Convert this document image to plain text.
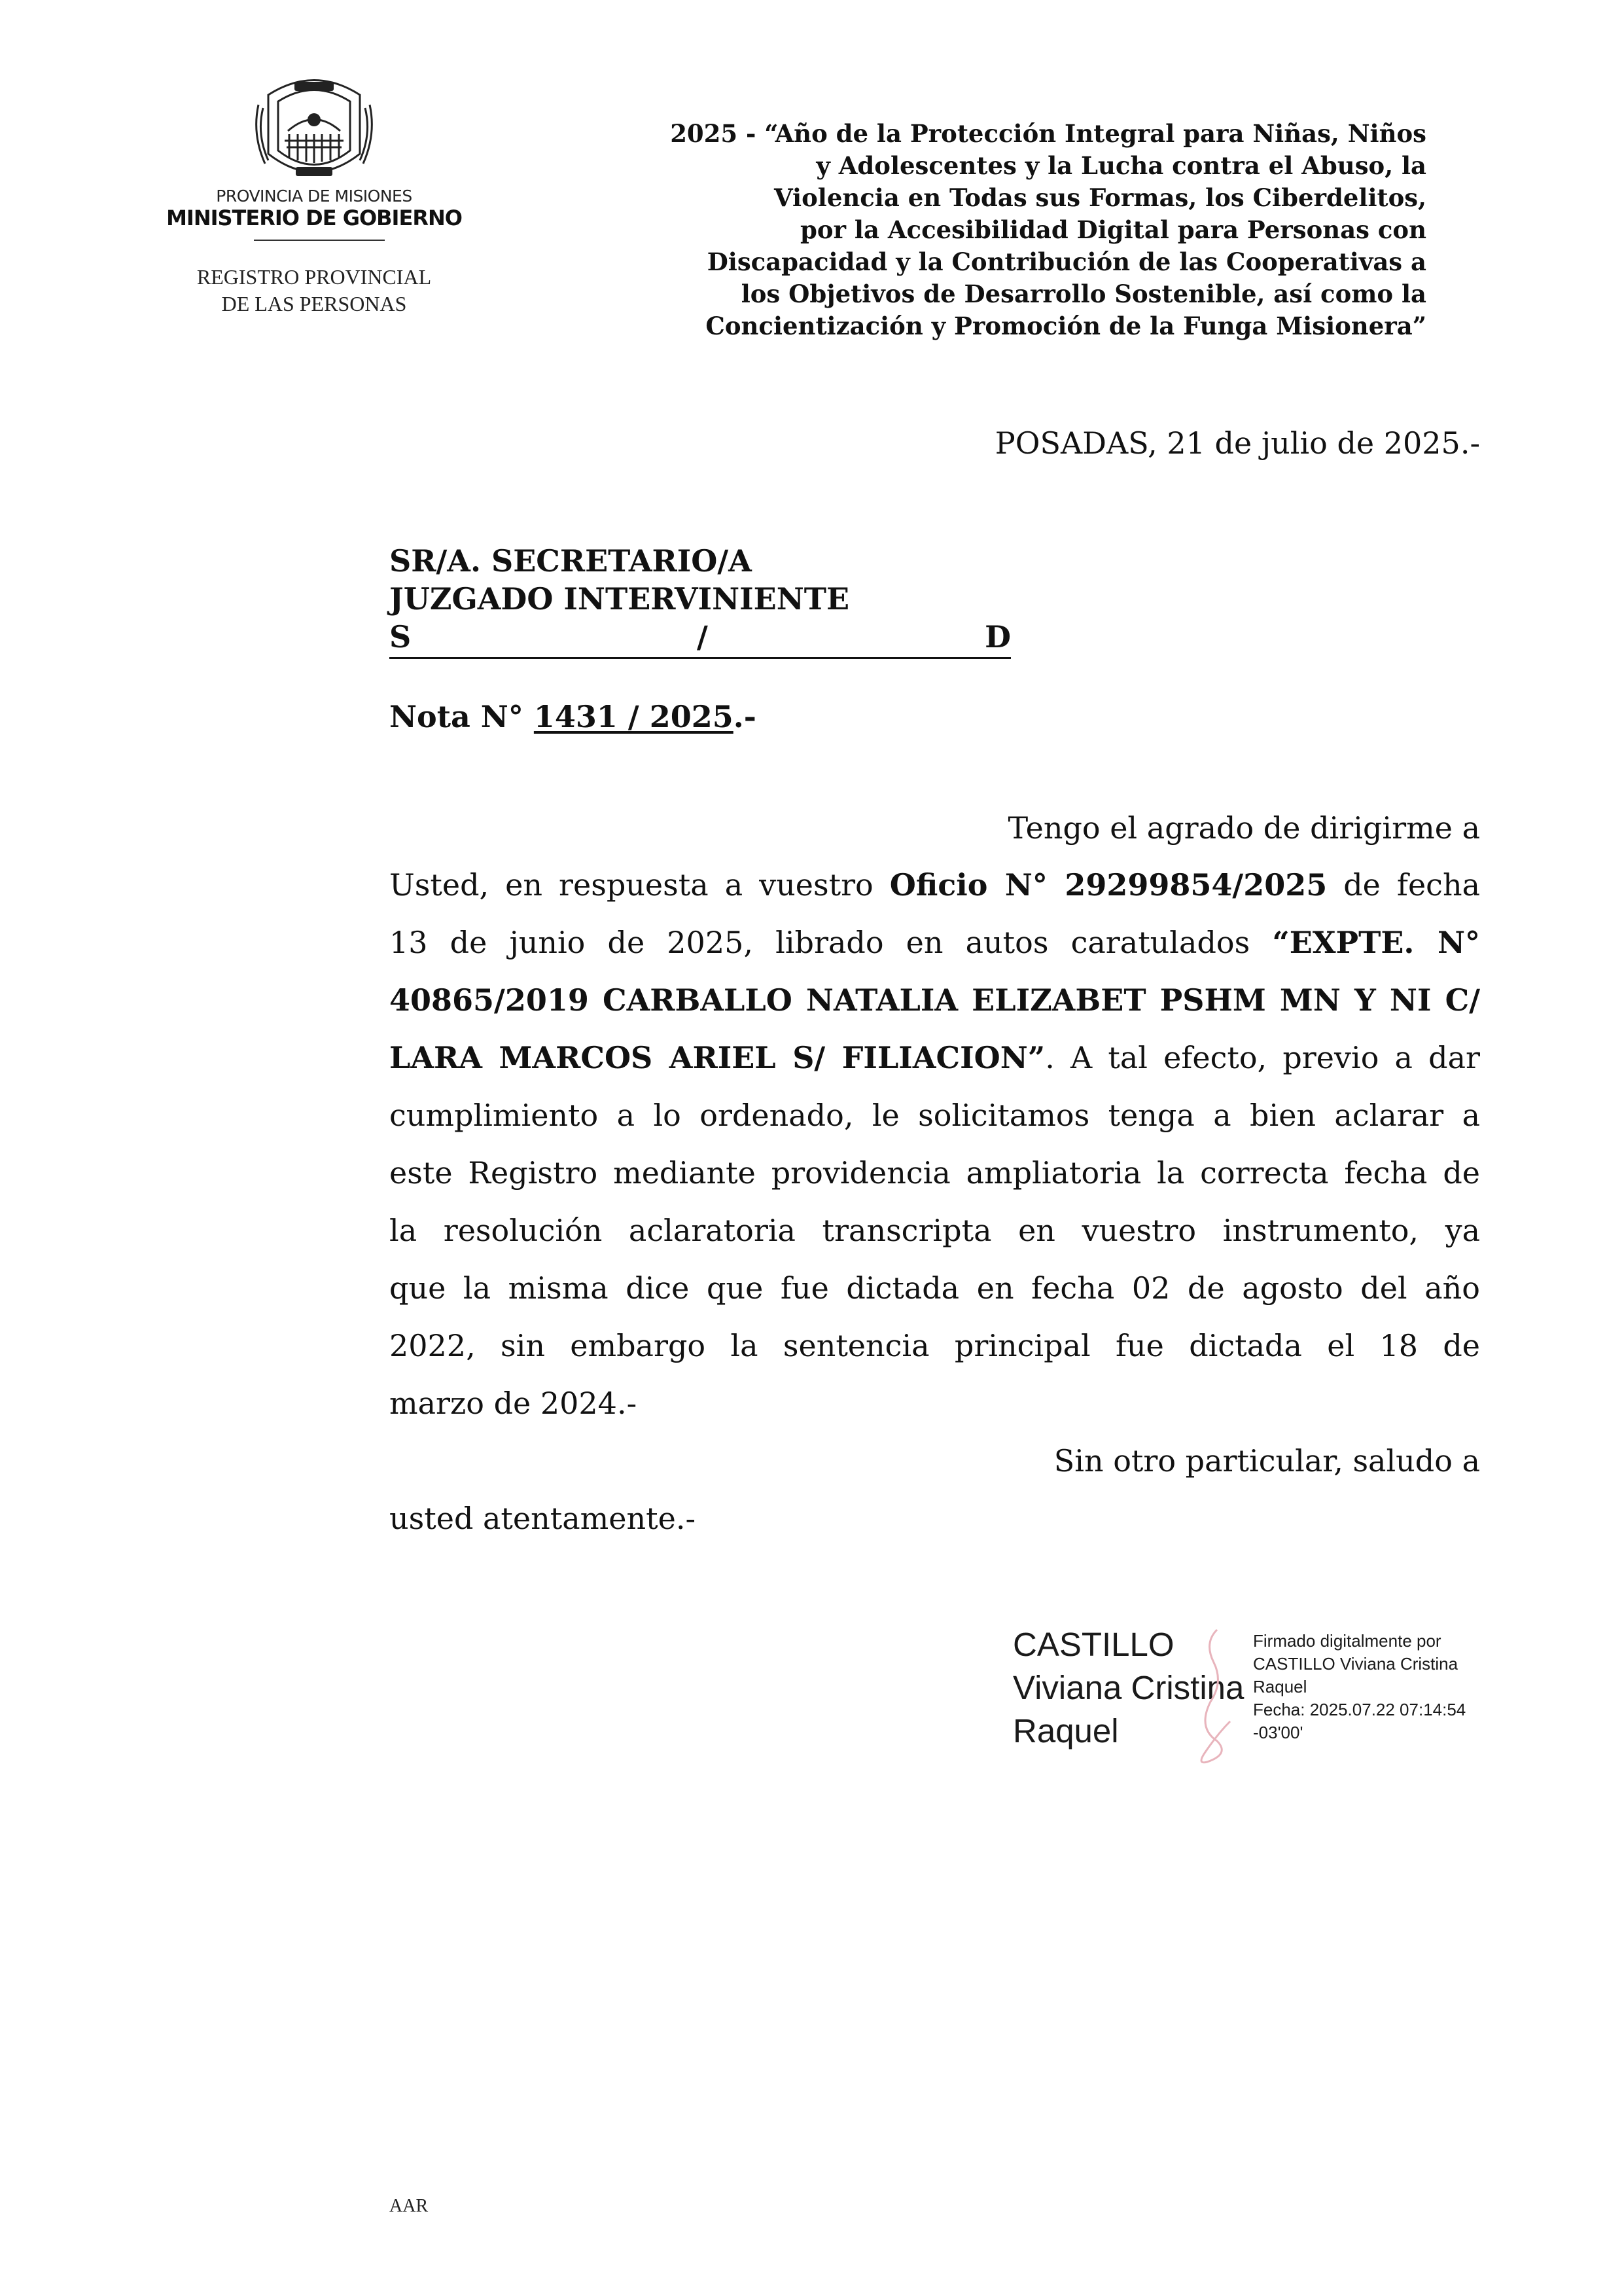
PROVINCIA DE MISIONES
MINISTERIO DE GOBIERNO
REGISTRO PROVINCIAL
DE LAS PERSONAS
2025 - “Año de la Protección Integral para Niñas, Niños
y Adolescentes y la Lucha contra el Abuso, la
Violencia en Todas sus Formas, los Ciberdelitos,
por la Accesibilidad Digital para Personas con
Discapacidad y la Contribución de las Cooperativas a
los Objetivos de Desarrollo Sostenible, así como la
Concientización y Promoción de la Funga Misionera”
POSADAS, 21 de julio de 2025.-
SR/A. SECRETARIO/A
JUZGADO INTERVINIENTE
S	/	D
Nota N° 1431 / 2025.-
Tengo el agrado de dirigirme a
Usted, en respuesta a vuestro Oficio N° 29299854/2025 de fecha
13 de junio de 2025, librado en autos caratulados “EXPTE. N°
40865/2019 CARBALLO NATALIA ELIZABET PSHM MN Y NI C/
LARA MARCOS ARIEL S/ FILIACION”. A tal efecto, previo a dar
cumplimiento a lo ordenado, le solicitamos tenga a bien aclarar a
este Registro mediante providencia ampliatoria la correcta fecha de
la resolución aclaratoria transcripta en vuestro instrumento, ya
que la misma dice que fue dictada en fecha 02 de agosto del año
2022, sin embargo la sentencia principal fue dictada el 18 de
marzo de 2024.-
Sin otro particular, saludo a
usted atentamente.-
CASTILLO
Viviana Cristina
Raquel
Firmado digitalmente por
CASTILLO Viviana Cristina
Raquel
Fecha: 2025.07.22 07:14:54
-03'00'
AAR
